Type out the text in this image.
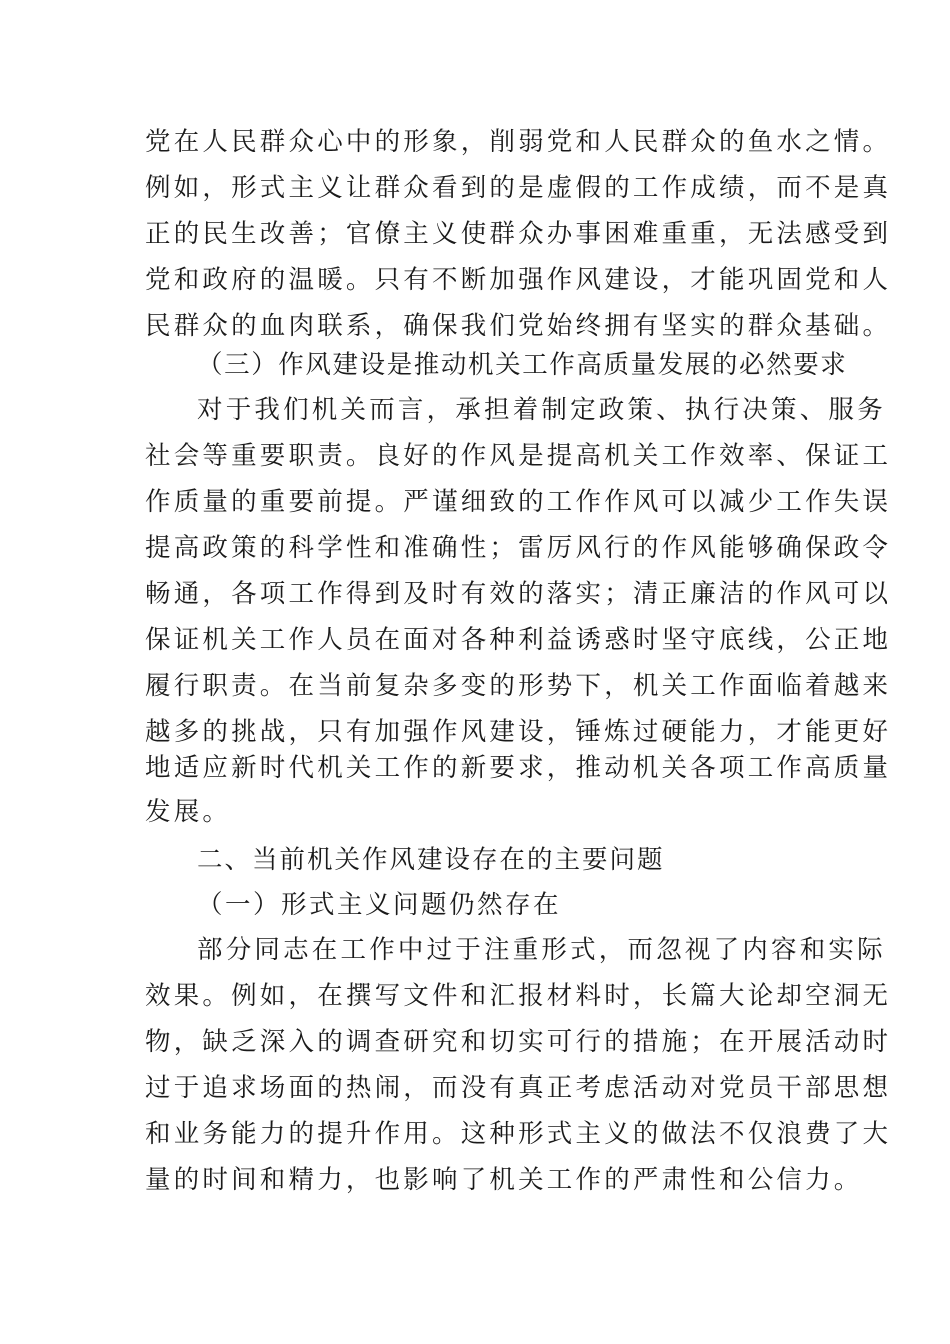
党在人民群众心中的形象，削弱党和人民群众的鱼水之情。
例如，形式主义让群众看到的是虚假的工作成绩，而不是真
正的民生改善；官僚主义使群众办事困难重重，无法感受到
党和政府的温暖。只有不断加强作风建设，才能巩固党和人
民群众的血肉联系，确保我们党始终拥有坚实的群众基础。
（三）作风建设是推动机关工作高质量发展的必然要求
对于我们机关而言，承担着制定政策、执行决策、服务
社会等重要职责。良好的作风是提高机关工作效率、保证工
作质量的重要前提。严谨细致的工作作风可以减少工作失误
提高政策的科学性和准确性；雷厉风行的作风能够确保政令
畅通，各项工作得到及时有效的落实；清正廉洁的作风可以
保证机关工作人员在面对各种利益诱惑时坚守底线，公正地
履行职责。在当前复杂多变的形势下，机关工作面临着越来
越多的挑战，只有加强作风建设，锤炼过硬能力，才能更好
地适应新时代机关工作的新要求，推动机关各项工作高质量
发展。
二、当前机关作风建设存在的主要问题
（一）形式主义问题仍然存在
部分同志在工作中过于注重形式，而忽视了内容和实际
效果。例如，在撰写文件和汇报材料时，长篇大论却空洞无
物，缺乏深入的调查研究和切实可行的措施；在开展活动时
过于追求场面的热闹，而没有真正考虑活动对党员干部思想
和业务能力的提升作用。这种形式主义的做法不仅浪费了大
量的时间和精力，也影响了机关工作的严肃性和公信力。
